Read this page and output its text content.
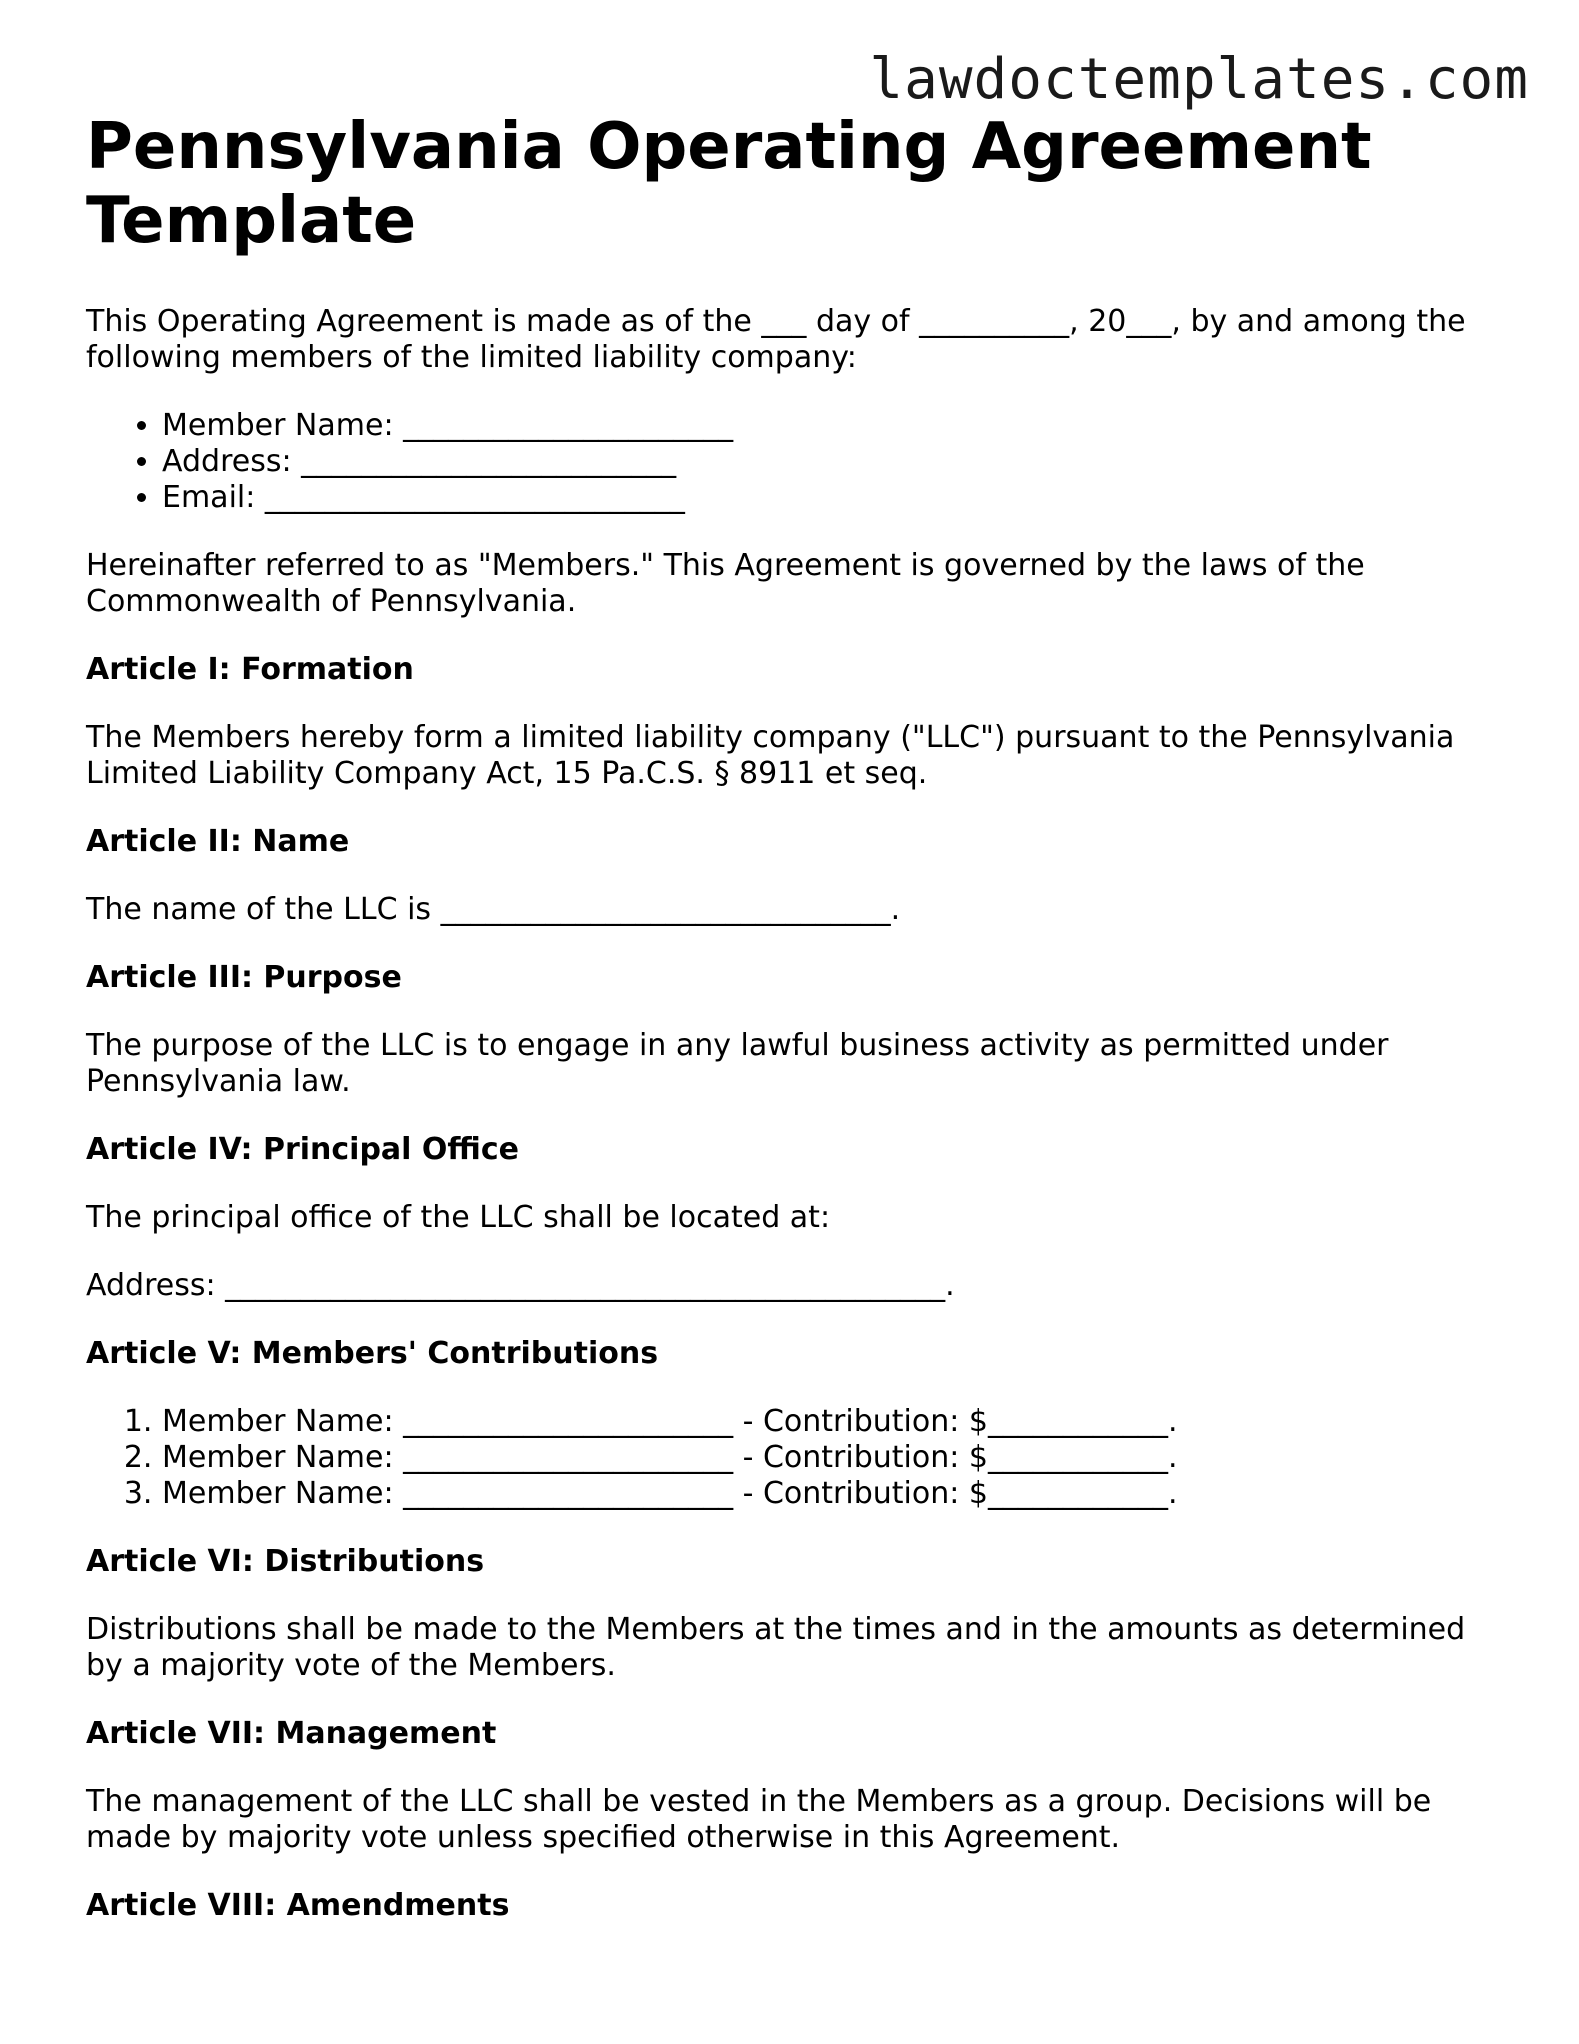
lawdoctemplates.com
Pennsylvania Operating Agreement Template

This Operating Agreement is made as of the ___ day of __________, 20___, by and among the following members of the limited liability company:

• Member Name: ______________________
• Address: _________________________
• Email: ____________________________

Hereinafter referred to as "Members." This Agreement is governed by the laws of the Commonwealth of Pennsylvania.

Article I: Formation

The Members hereby form a limited liability company ("LLC") pursuant to the Pennsylvania Limited Liability Company Act, 15 Pa.C.S. § 8911 et seq.

Article II: Name

The name of the LLC is ______________________________.

Article III: Purpose

The purpose of the LLC is to engage in any lawful business activity as permitted under Pennsylvania law.

Article IV: Principal Office

The principal office of the LLC shall be located at:

Address: ________________________________________________.

Article V: Members' Contributions

1. Member Name: ______________________ - Contribution: $____________.
2. Member Name: ______________________ - Contribution: $____________.
3. Member Name: ______________________ - Contribution: $____________.

Article VI: Distributions

Distributions shall be made to the Members at the times and in the amounts as determined by a majority vote of the Members.

Article VII: Management

The management of the LLC shall be vested in the Members as a group. Decisions will be made by majority vote unless specified otherwise in this Agreement.

Article VIII: Amendments
